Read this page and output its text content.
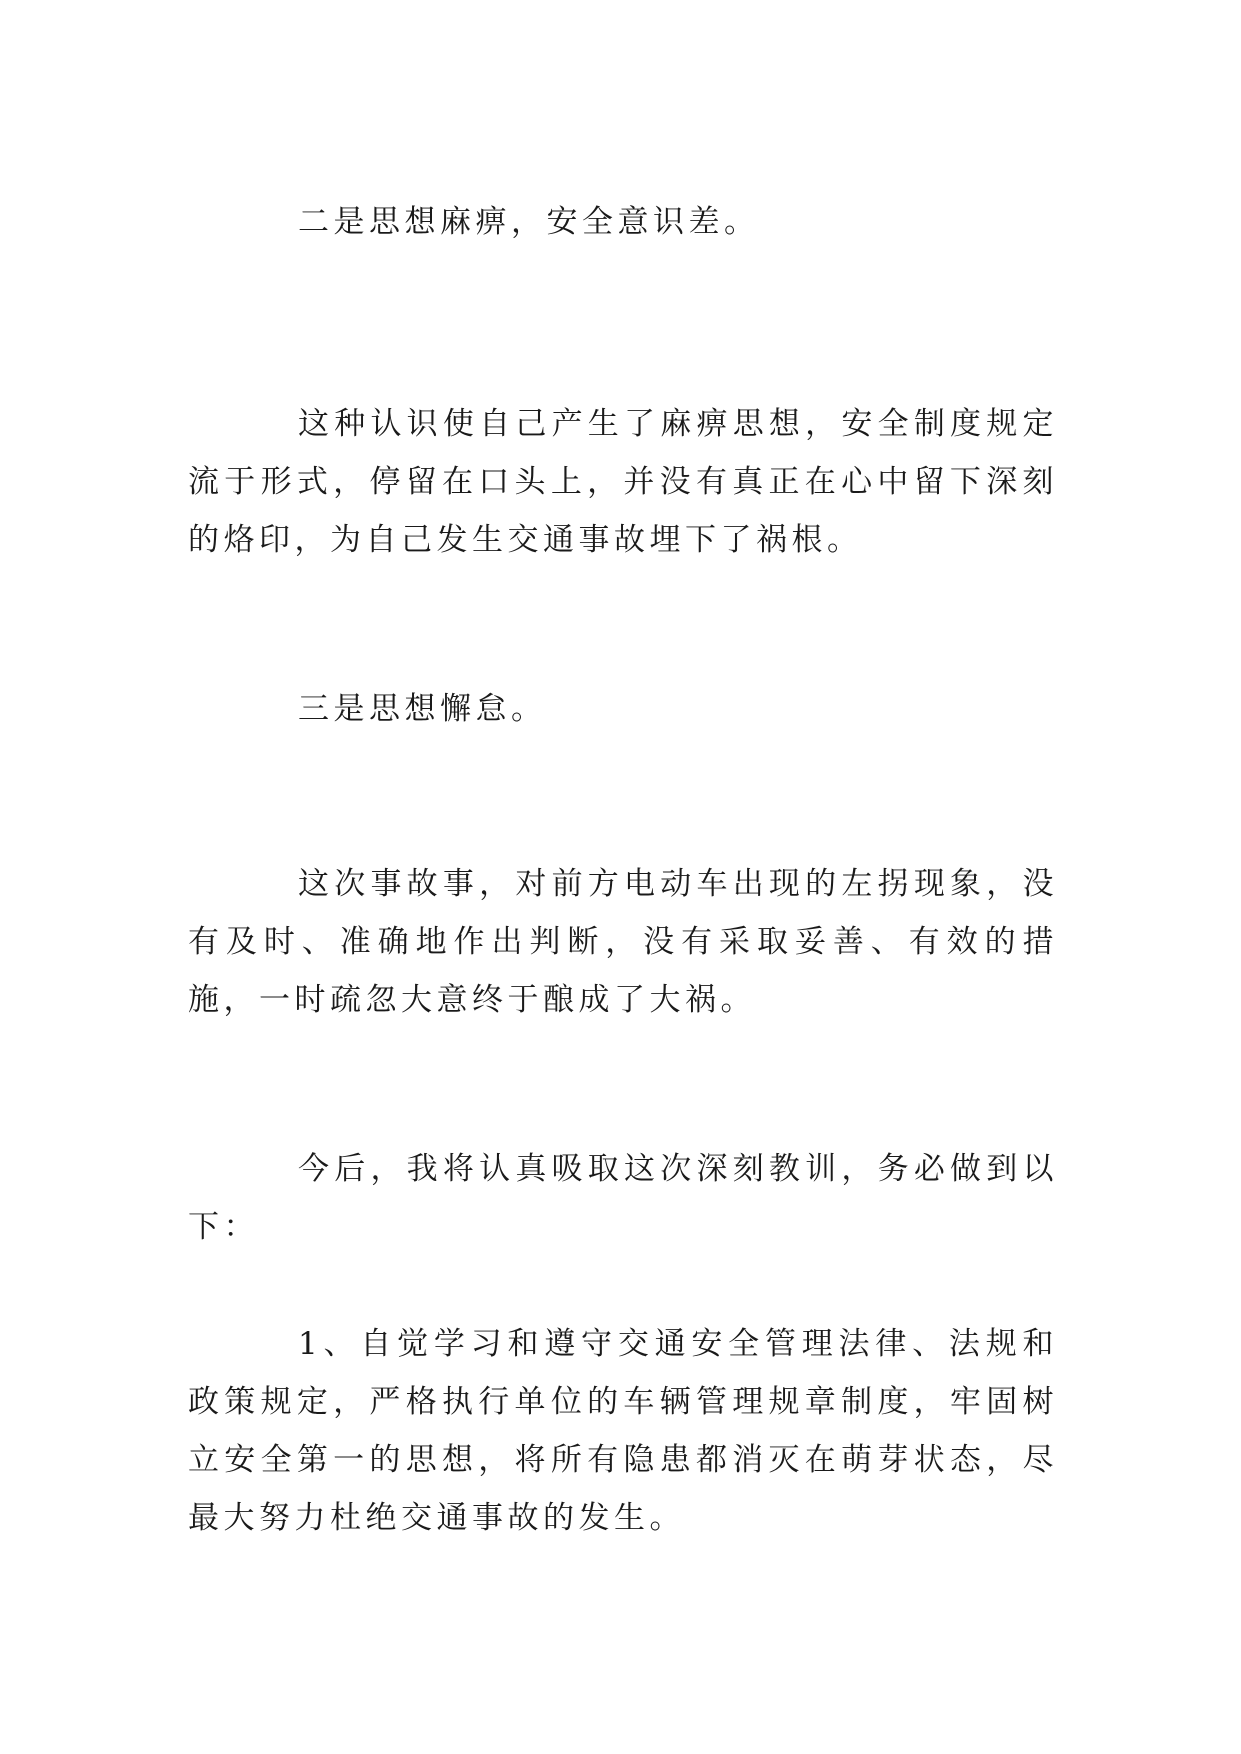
二是思想麻痹，安全意识差。

这种认识使自己产生了麻痹思想，安全制度规定流于形式，停留在口头上，并没有真正在心中留下深刻的烙印，为自己发生交通事故埋下了祸根。

三是思想懈怠。

这次事故事，对前方电动车出现的左拐现象，没有及时、准确地作出判断，没有采取妥善、有效的措施，一时疏忽大意终于酿成了大祸。

今后，我将认真吸取这次深刻教训，务必做到以下：

1、自觉学习和遵守交通安全管理法律、法规和政策规定，严格执行单位的车辆管理规章制度，牢固树立安全第一的思想，将所有隐患都消灭在萌芽状态，尽最大努力杜绝交通事故的发生。
